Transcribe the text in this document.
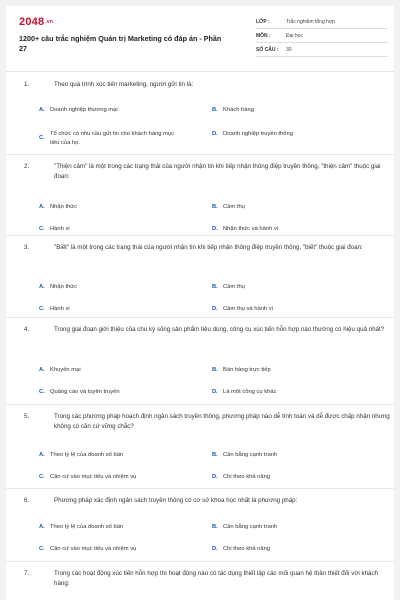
2048.vn
1200+ câu trắc nghiệm Quản trị Marketing có đáp án - Phần 27
LỚP :	Trắc nghiệm tổng hợp
MÔN :	Đại học
SỐ CÂU :	30
1.	Theo quá trình xúc tiến marketing, người gửi tin là:
A. Doanh nghiệp thương mại	B. Khách hàng
C.
Tổ chức có nhu cầu gửi tin cho khách hàng mục tiêu của họ.
D. Doanh nghiệp truyền thông
2.	"Thiện cảm" là một trong các trạng thái của người nhận tin khi tiếp nhận thông điệp truyền thông, "thiện cảm" thuộc giai đoạn:
A. Nhận thức	B. Cảm thụ
C. Hành vi	D. Nhận thức và hành vi
3.	"Biết" là một trong các trạng thái của người nhận tin khi tiếp nhận thông điệp truyền thông, "biết" thuộc giai đoạn:
A. Nhận thức	B. Cảm thụ
C. Hành vi	D. Cảm thụ và hành vi
4.	Trong giai đoạn giới thiệu của chu kỳ sống sản phẩm tiêu dùng, công cụ xúc tiến hỗn hợp nào thường có hiệu quả nhất?
A. Khuyến mại	B. Bán hàng trực tiếp
C. Quảng cáo và tuyên truyền	D. Là một công cụ khác
5.	Trong các phương pháp hoạch định ngân sách truyền thông, phương pháp nào dễ tính toán và dễ được chấp nhận nhưng không có căn cứ vững chắc?
A. Theo tỷ lệ của doanh số bán	B. Cân bằng cạnh tranh
C. Căn cứ vào mục tiêu và nhiệm vụ	D. Chi theo khả năng
6.	Phương pháp xác định ngân sách truyền thông có cơ sở khoa học nhất là phương pháp:
A. Theo tỷ lệ của doanh số bán	B. Cân bằng cạnh tranh
C. Căn cứ vào mục tiêu và nhiệm vụ	D. Chi theo khả năng
7.	Trong các hoạt động xúc tiến hỗn hợp thì hoạt động nào có tác dụng thiết lập các mối quan hệ thân thiết đối với khách hàng:
